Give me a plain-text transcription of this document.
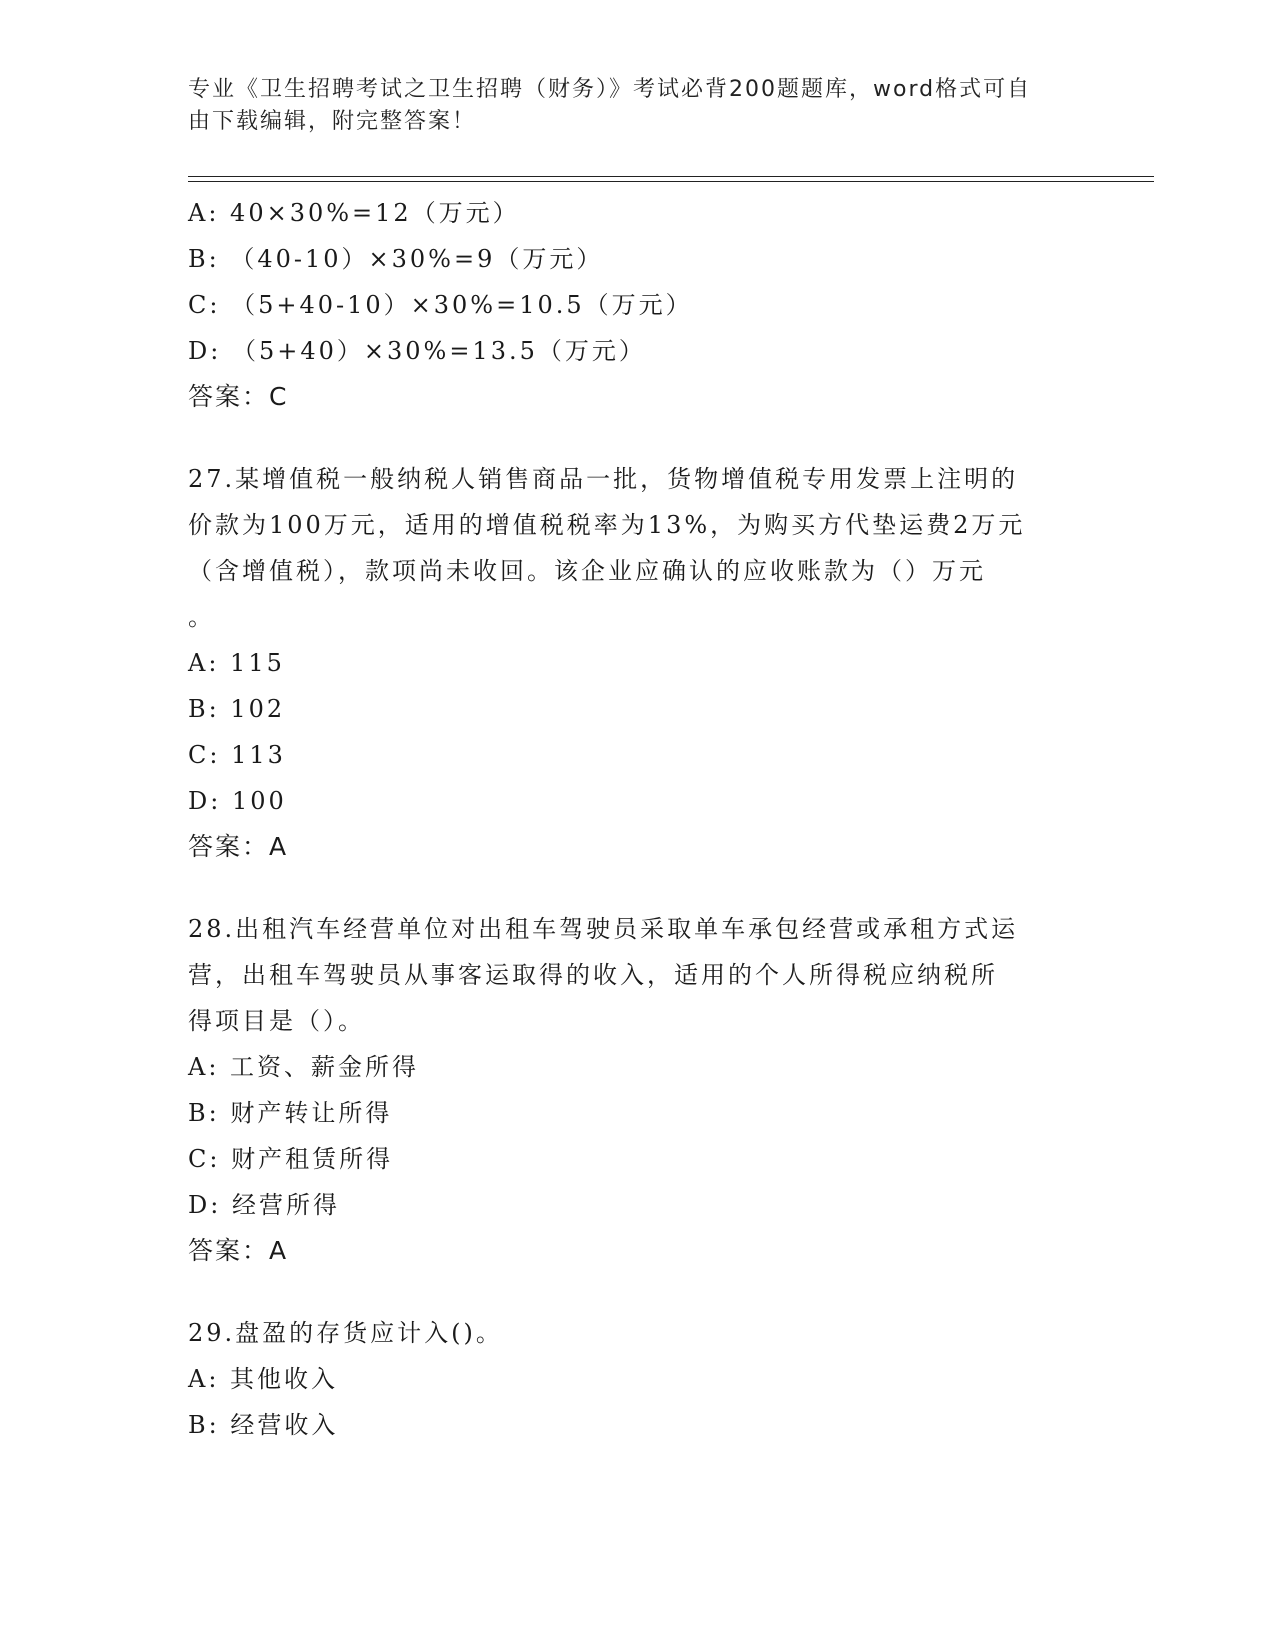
专业《卫生招聘考试之卫生招聘（财务）》考试必背200题题库，word格式可自
由下载编辑，附完整答案！
A: 40×30%=12（万元）
B: （40-10）×30%=9（万元）
C: （5+40-10）×30%=10.5（万元）
D: （5+40）×30%=13.5（万元）
答案：C
27.某增值税一般纳税人销售商品一批，货物增值税专用发票上注明的
价款为100万元，适用的增值税税率为13%，为购买方代垫运费2万元
（含增值税），款项尚未收回。该企业应确认的应收账款为（）万元
。
A: 115
B: 102
C: 113
D: 100
答案：A
28.出租汽车经营单位对出租车驾驶员采取单车承包经营或承租方式运
营，出租车驾驶员从事客运取得的收入，适用的个人所得税应纳税所
得项目是（）。
A: 工资、薪金所得
B: 财产转让所得
C: 财产租赁所得
D: 经营所得
答案：A
29.盘盈的存货应计入()。
A: 其他收入
B: 经营收入
